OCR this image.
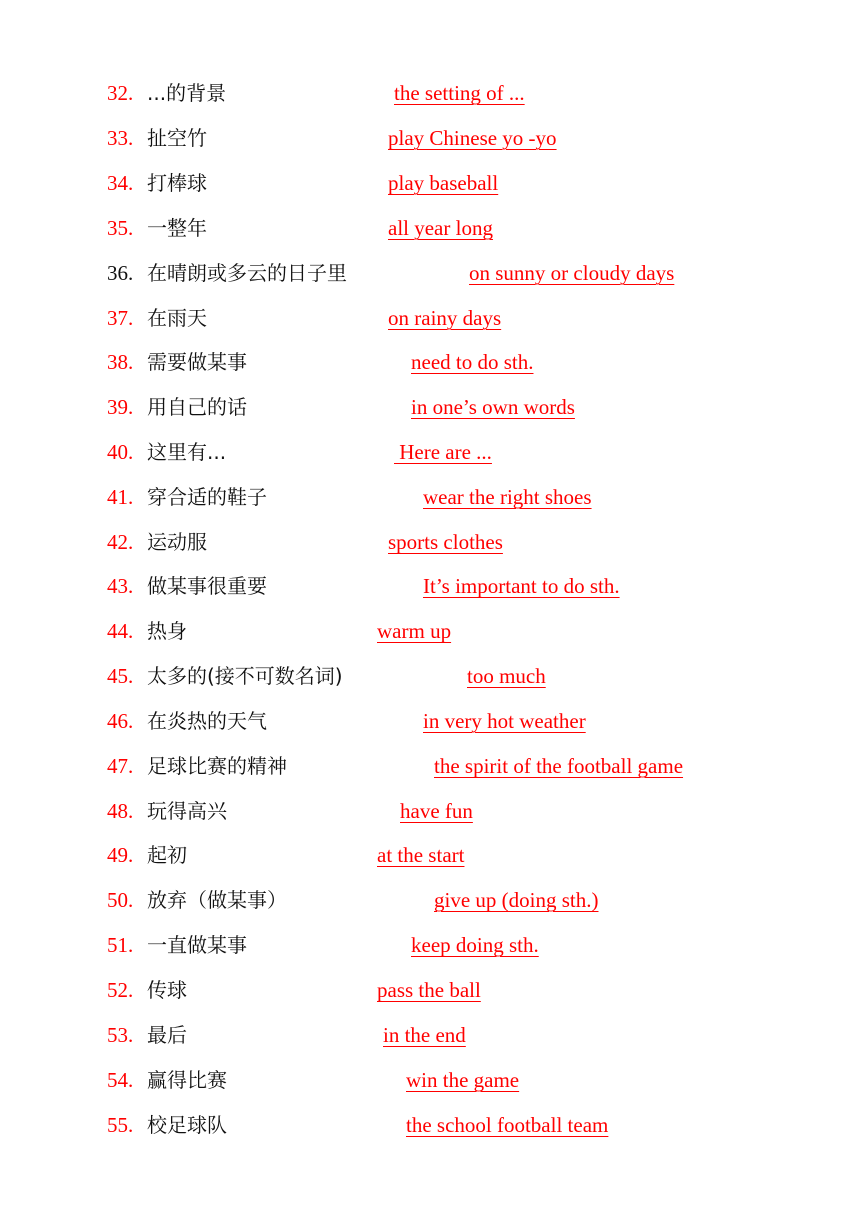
32. ...的背景	the setting of ...
33. 扯空竹	play Chinese yo -yo
34. 打棒球	play baseball
35. 一整年	all year long
36. 在晴朗或多云的日子里	on sunny or cloudy days
37. 在雨天	on rainy days
38. 需要做某事	need to do sth.
39. 用自己的话	in one’s own words
40. 这里有...	Here are ...
41. 穿合适的鞋子	wear the right shoes
42. 运动服	sports clothes
43. 做某事很重要	It’s important to do sth.
44. 热身	warm up
45. 太多的(接不可数名词)	too much
46. 在炎热的天气	in very hot weather
47. 足球比赛的精神	the spirit of the football game
48. 玩得高兴	have fun
49. 起初	at the start
50. 放弃（做某事）	give up (doing sth.)
51. 一直做某事	keep doing sth.
52. 传球	pass the ball
53. 最后	in the end
54. 赢得比赛	win the game
55. 校足球队	the school football team
